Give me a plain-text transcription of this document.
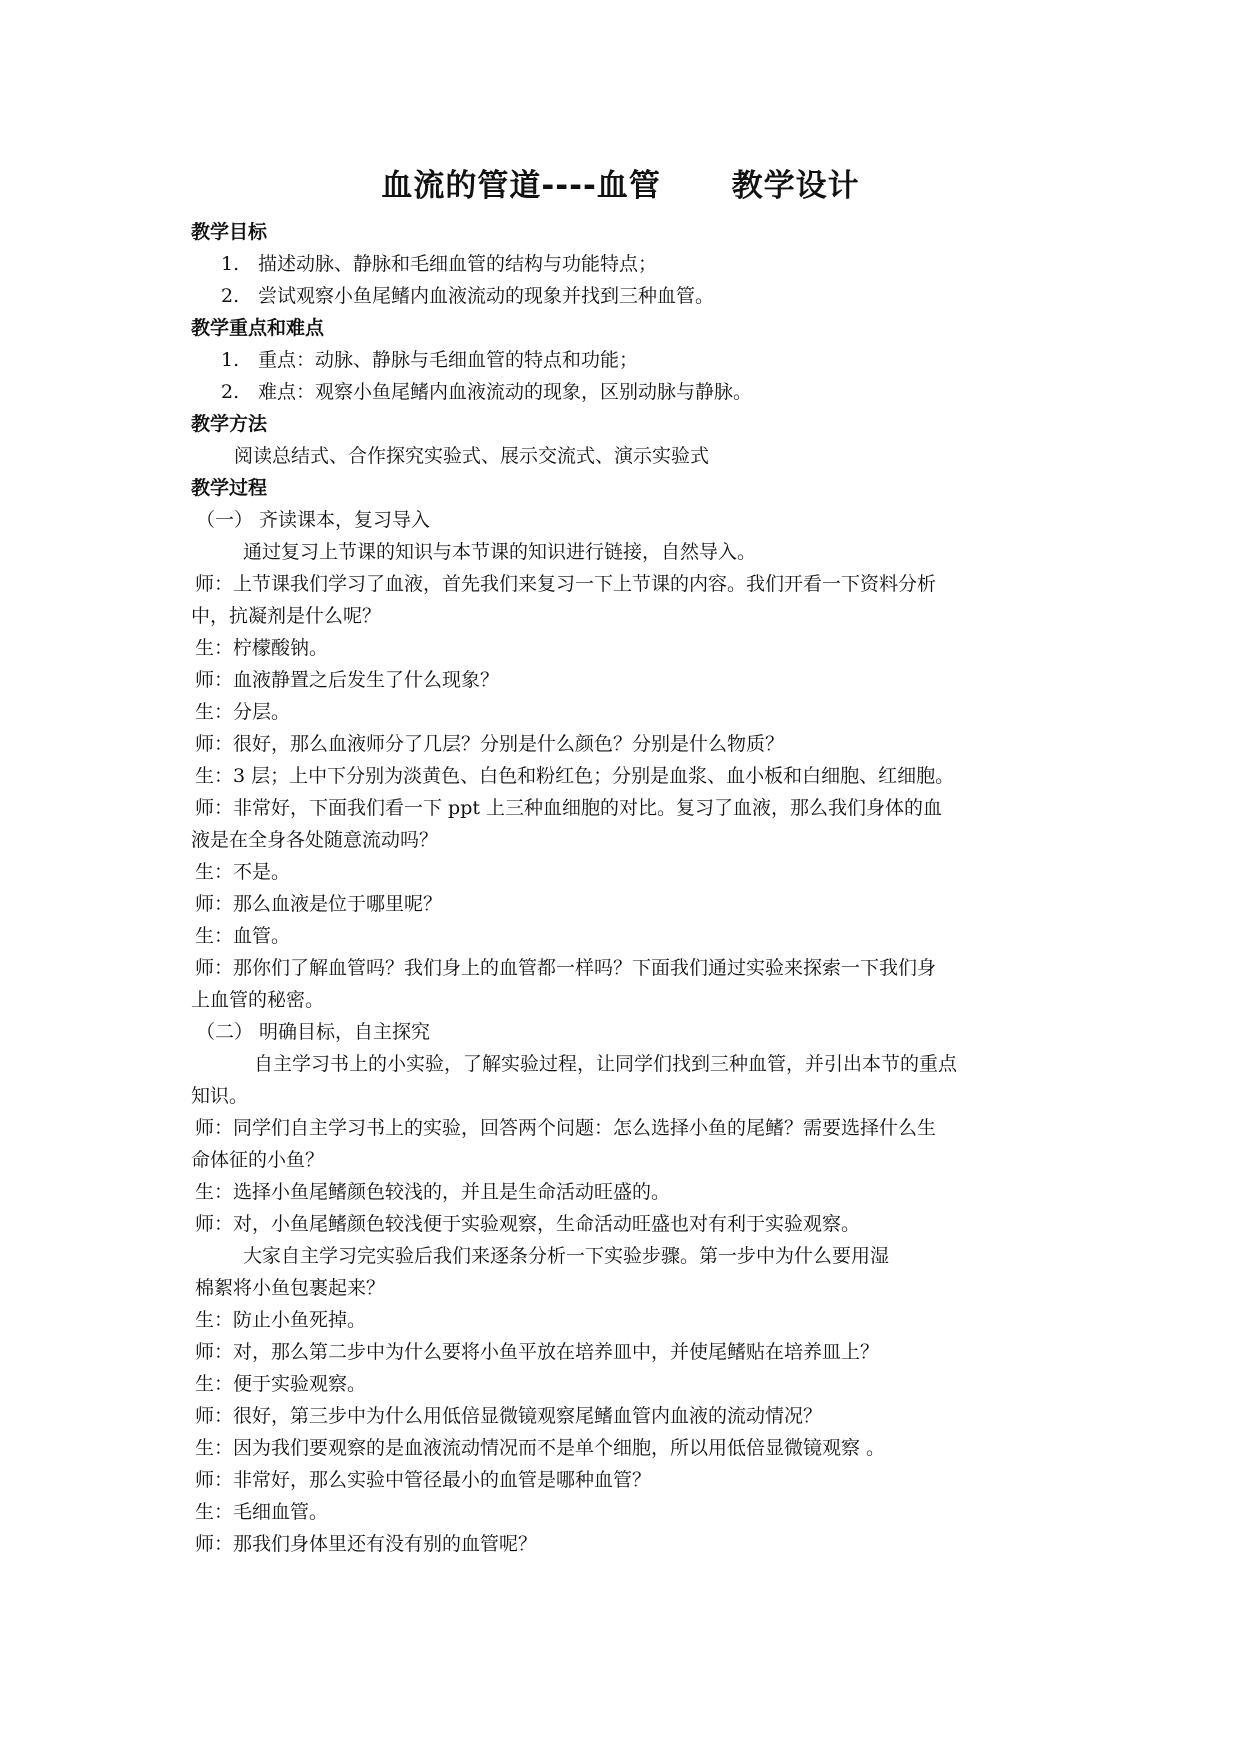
血流的管道----血管      教学设计
教学目标
1. 描述动脉、静脉和毛细血管的结构与功能特点；
2. 尝试观察小鱼尾鳍内血液流动的现象并找到三种血管。
教学重点和难点
1. 重点：动脉、静脉与毛细血管的特点和功能；
2. 难点：观察小鱼尾鳍内血液流动的现象，区别动脉与静脉。
教学方法
阅读总结式、合作探究实验式、展示交流式、演示实验式
教学过程
（一） 齐读课本，复习导入
通过复习上节课的知识与本节课的知识进行链接，自然导入。
师：上节课我们学习了血液，首先我们来复习一下上节课的内容。我们开看一下资料分析
中，抗凝剂是什么呢？
生：柠檬酸钠。
师：血液静置之后发生了什么现象？
生：分层。
师：很好，那么血液师分了几层？分别是什么颜色？分别是什么物质？
生：3 层；上中下分别为淡黄色、白色和粉红色；分别是血浆、血小板和白细胞、红细胞。
师：非常好，下面我们看一下 ppt 上三种血细胞的对比。复习了血液，那么我们身体的血
液是在全身各处随意流动吗？
生：不是。
师：那么血液是位于哪里呢？
生：血管。
师：那你们了解血管吗？我们身上的血管都一样吗？下面我们通过实验来探索一下我们身
上血管的秘密。
（二） 明确目标，自主探究
自主学习书上的小实验，了解实验过程，让同学们找到三种血管，并引出本节的重点
知识。
师：同学们自主学习书上的实验，回答两个问题：怎么选择小鱼的尾鳍？需要选择什么生
命体征的小鱼？
生：选择小鱼尾鳍颜色较浅的，并且是生命活动旺盛的。
师：对，小鱼尾鳍颜色较浅便于实验观察，生命活动旺盛也对有利于实验观察。
大家自主学习完实验后我们来逐条分析一下实验步骤。第一步中为什么要用湿
棉絮将小鱼包裹起来？
生：防止小鱼死掉。
师：对，那么第二步中为什么要将小鱼平放在培养皿中，并使尾鳍贴在培养皿上？
生：便于实验观察。
师：很好，第三步中为什么用低倍显微镜观察尾鳍血管内血液的流动情况？
生：因为我们要观察的是血液流动情况而不是单个细胞，所以用低倍显微镜观察 。
师：非常好，那么实验中管径最小的血管是哪种血管？
生：毛细血管。
师：那我们身体里还有没有别的血管呢？
